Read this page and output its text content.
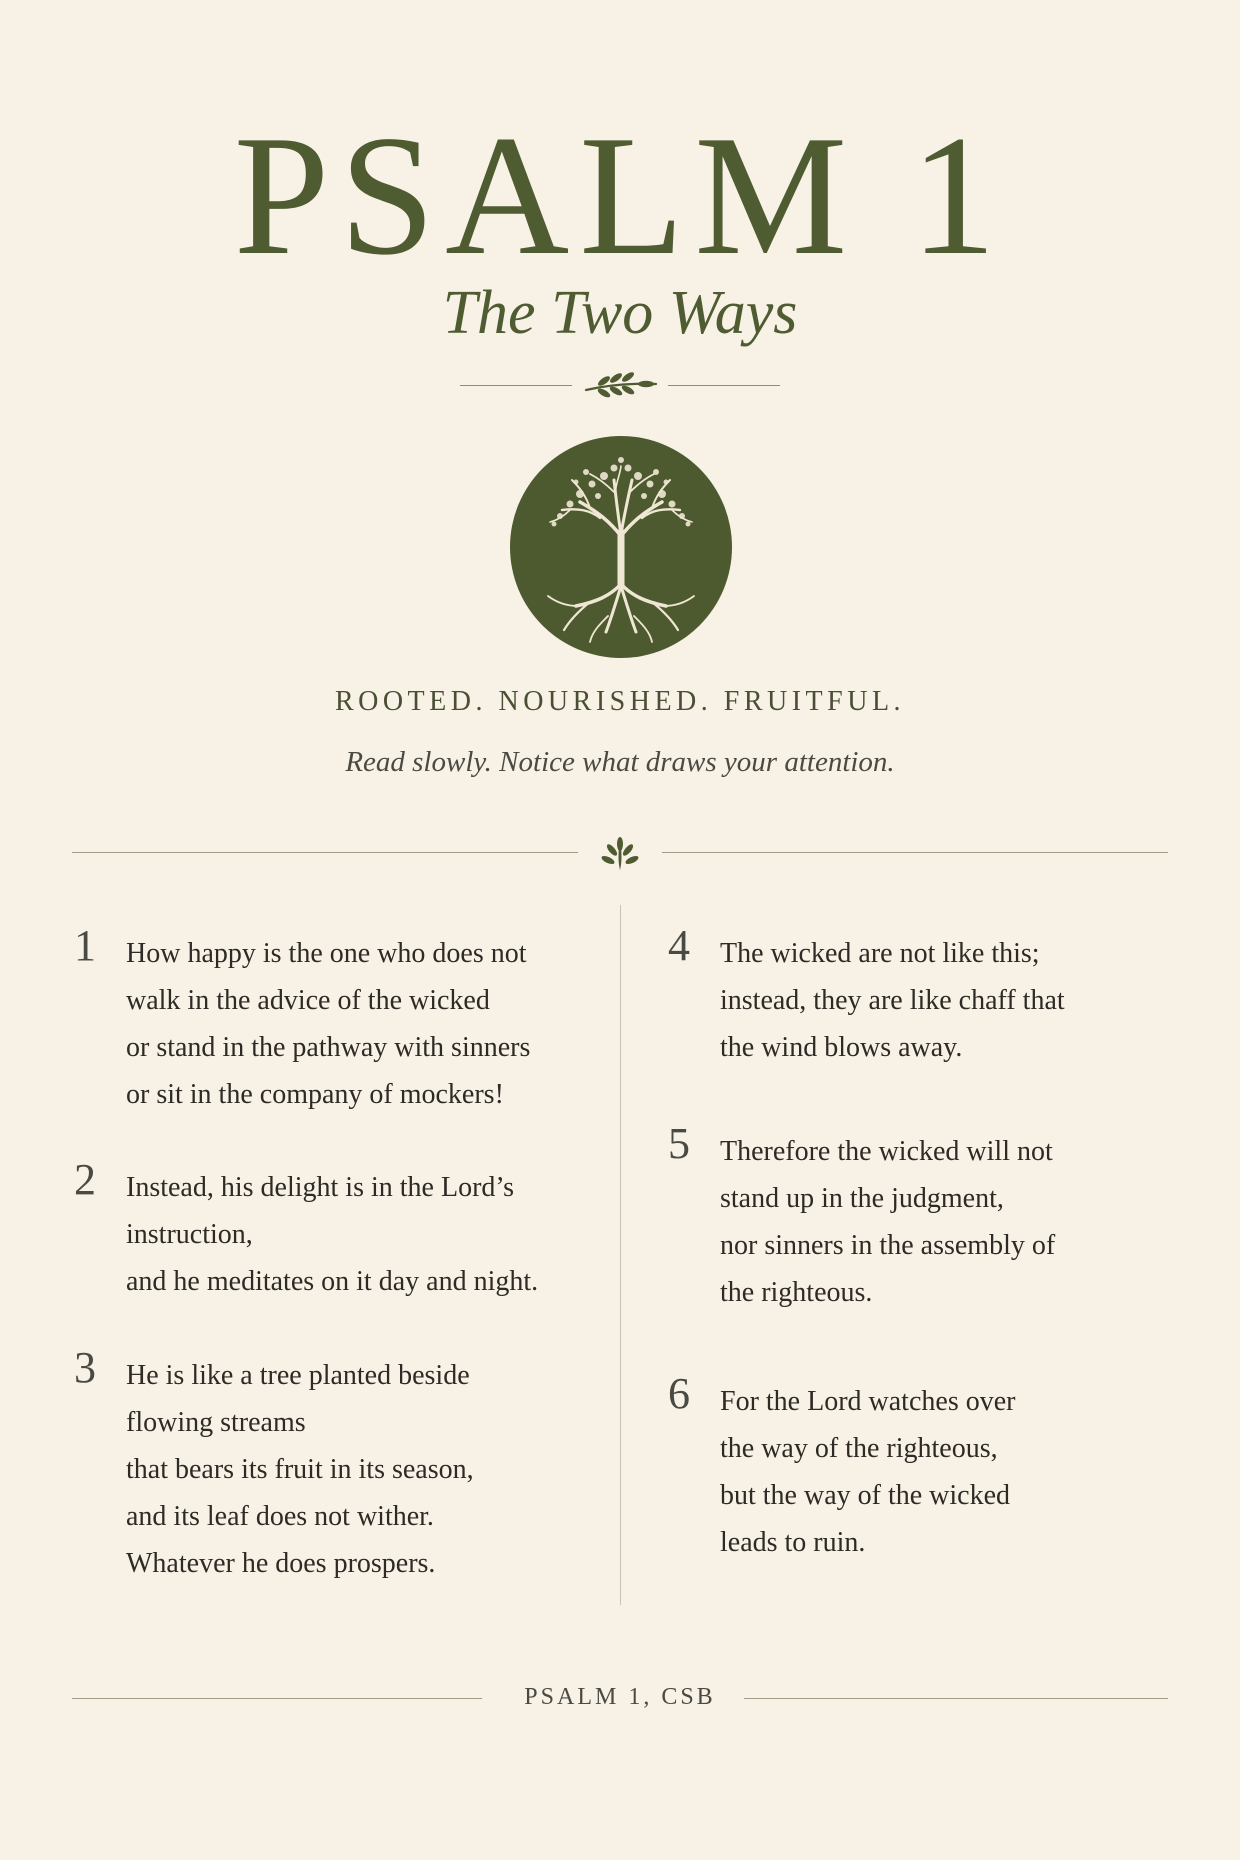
PSALM 1
The Two Ways
ROOTED. NOURISHED. FRUITFUL.
Read slowly. Notice what draws your attention.
1 How happy is the one who does not
walk in the advice of the wicked
or stand in the pathway with sinners
or sit in the company of mockers!
2 Instead, his delight is in the Lord’s
instruction,
and he meditates on it day and night.
3 He is like a tree planted beside
flowing streams
that bears its fruit in its season,
and its leaf does not wither.
Whatever he does prospers.
4 The wicked are not like this;
instead, they are like chaff that
the wind blows away.
5 Therefore the wicked will not
stand up in the judgment,
nor sinners in the assembly of
the righteous.
6 For the Lord watches over
the way of the righteous,
but the way of the wicked
leads to ruin.
PSALM 1, CSB
